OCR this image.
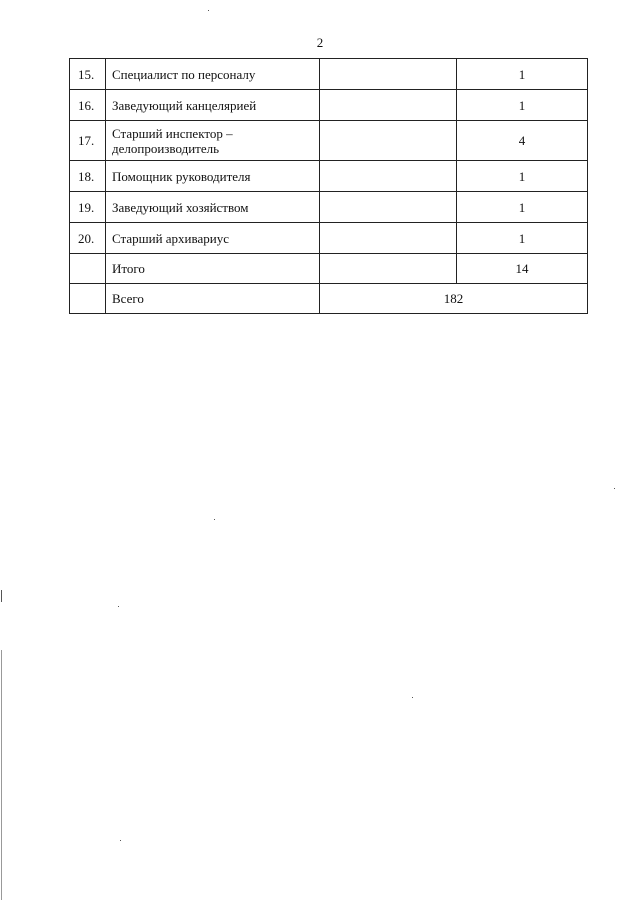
2
15.	Специалист по персоналу		1
16.	Заведующий канцелярией		1
17.	Старший инспектор –
делопроизводитель		4
18.	Помощник руководителя		1
19.	Заведующий хозяйством		1
20.	Старший архивариус		1
	Итого		14
	Всего	182	
